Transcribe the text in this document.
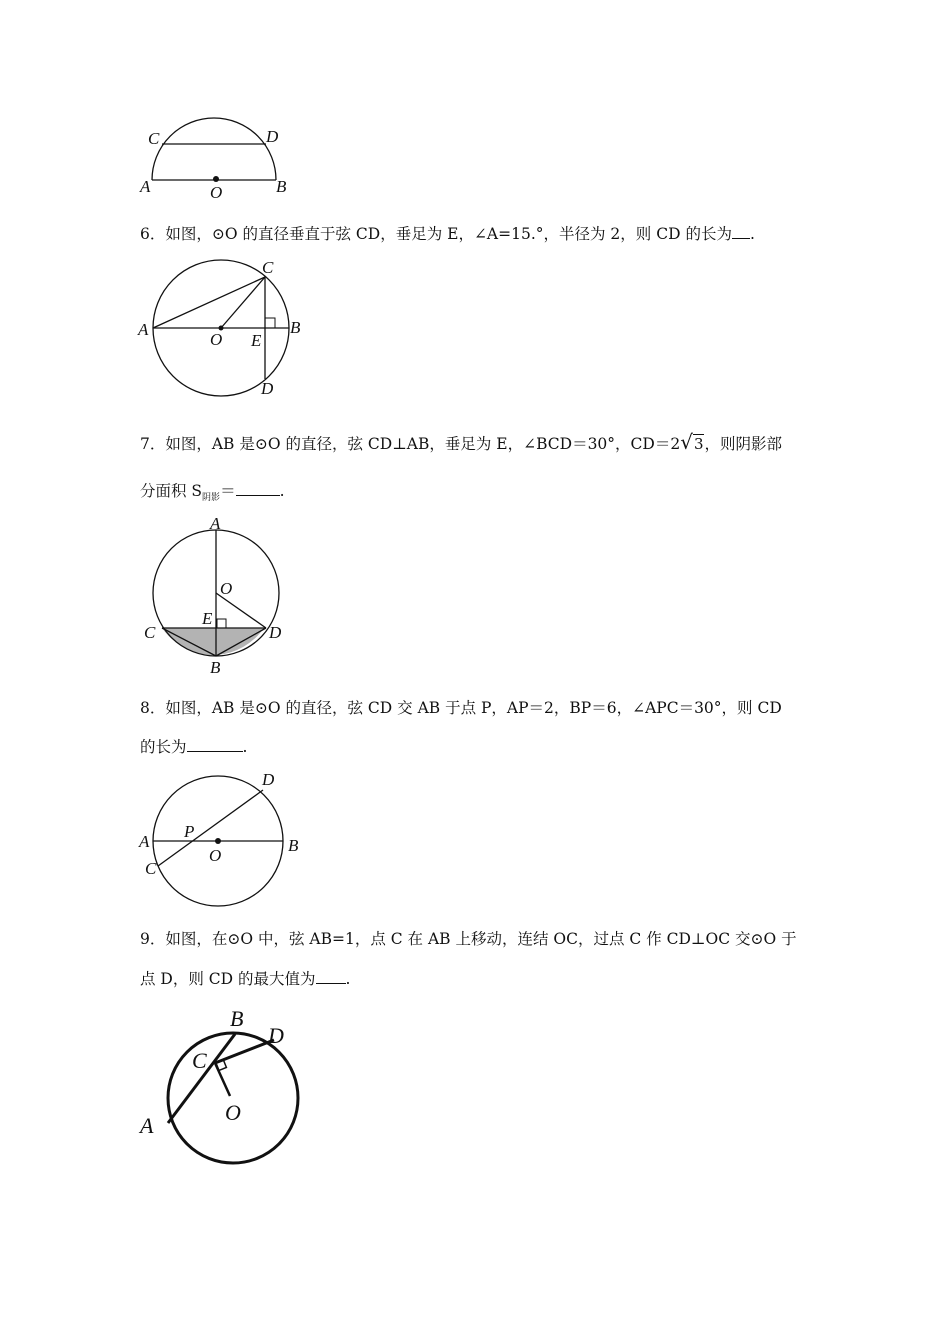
C	D
A	O	B
6．如图，⊙O 的直径垂直于弦 CD，垂足为 E，∠A=15.°，半径为 2，则 CD 的长为 .
C
A
O E
B
D
7．如图，AB 是⊙O 的直径，弦 CD⊥AB，垂足为 E，∠BCD＝30°，CD＝2√3，则阴影部
分面积 $S_{阴影}=$	.
A
O
E
C	D
B
8．如图，AB 是⊙O 的直径，弦 CD 交 AB 于点 P，AP＝2，BP＝6，∠APC＝30°，则 CD
的长为	.
D
A
P
O
B
C
9．如图，在⊙O 中，弦 AB=1，点 C 在 AB 上移动，连结 OC，过点 C 作 CD⊥OC 交⊙O 于
点 D，则 CD 的最大值为 .
B
D
C
A
O
